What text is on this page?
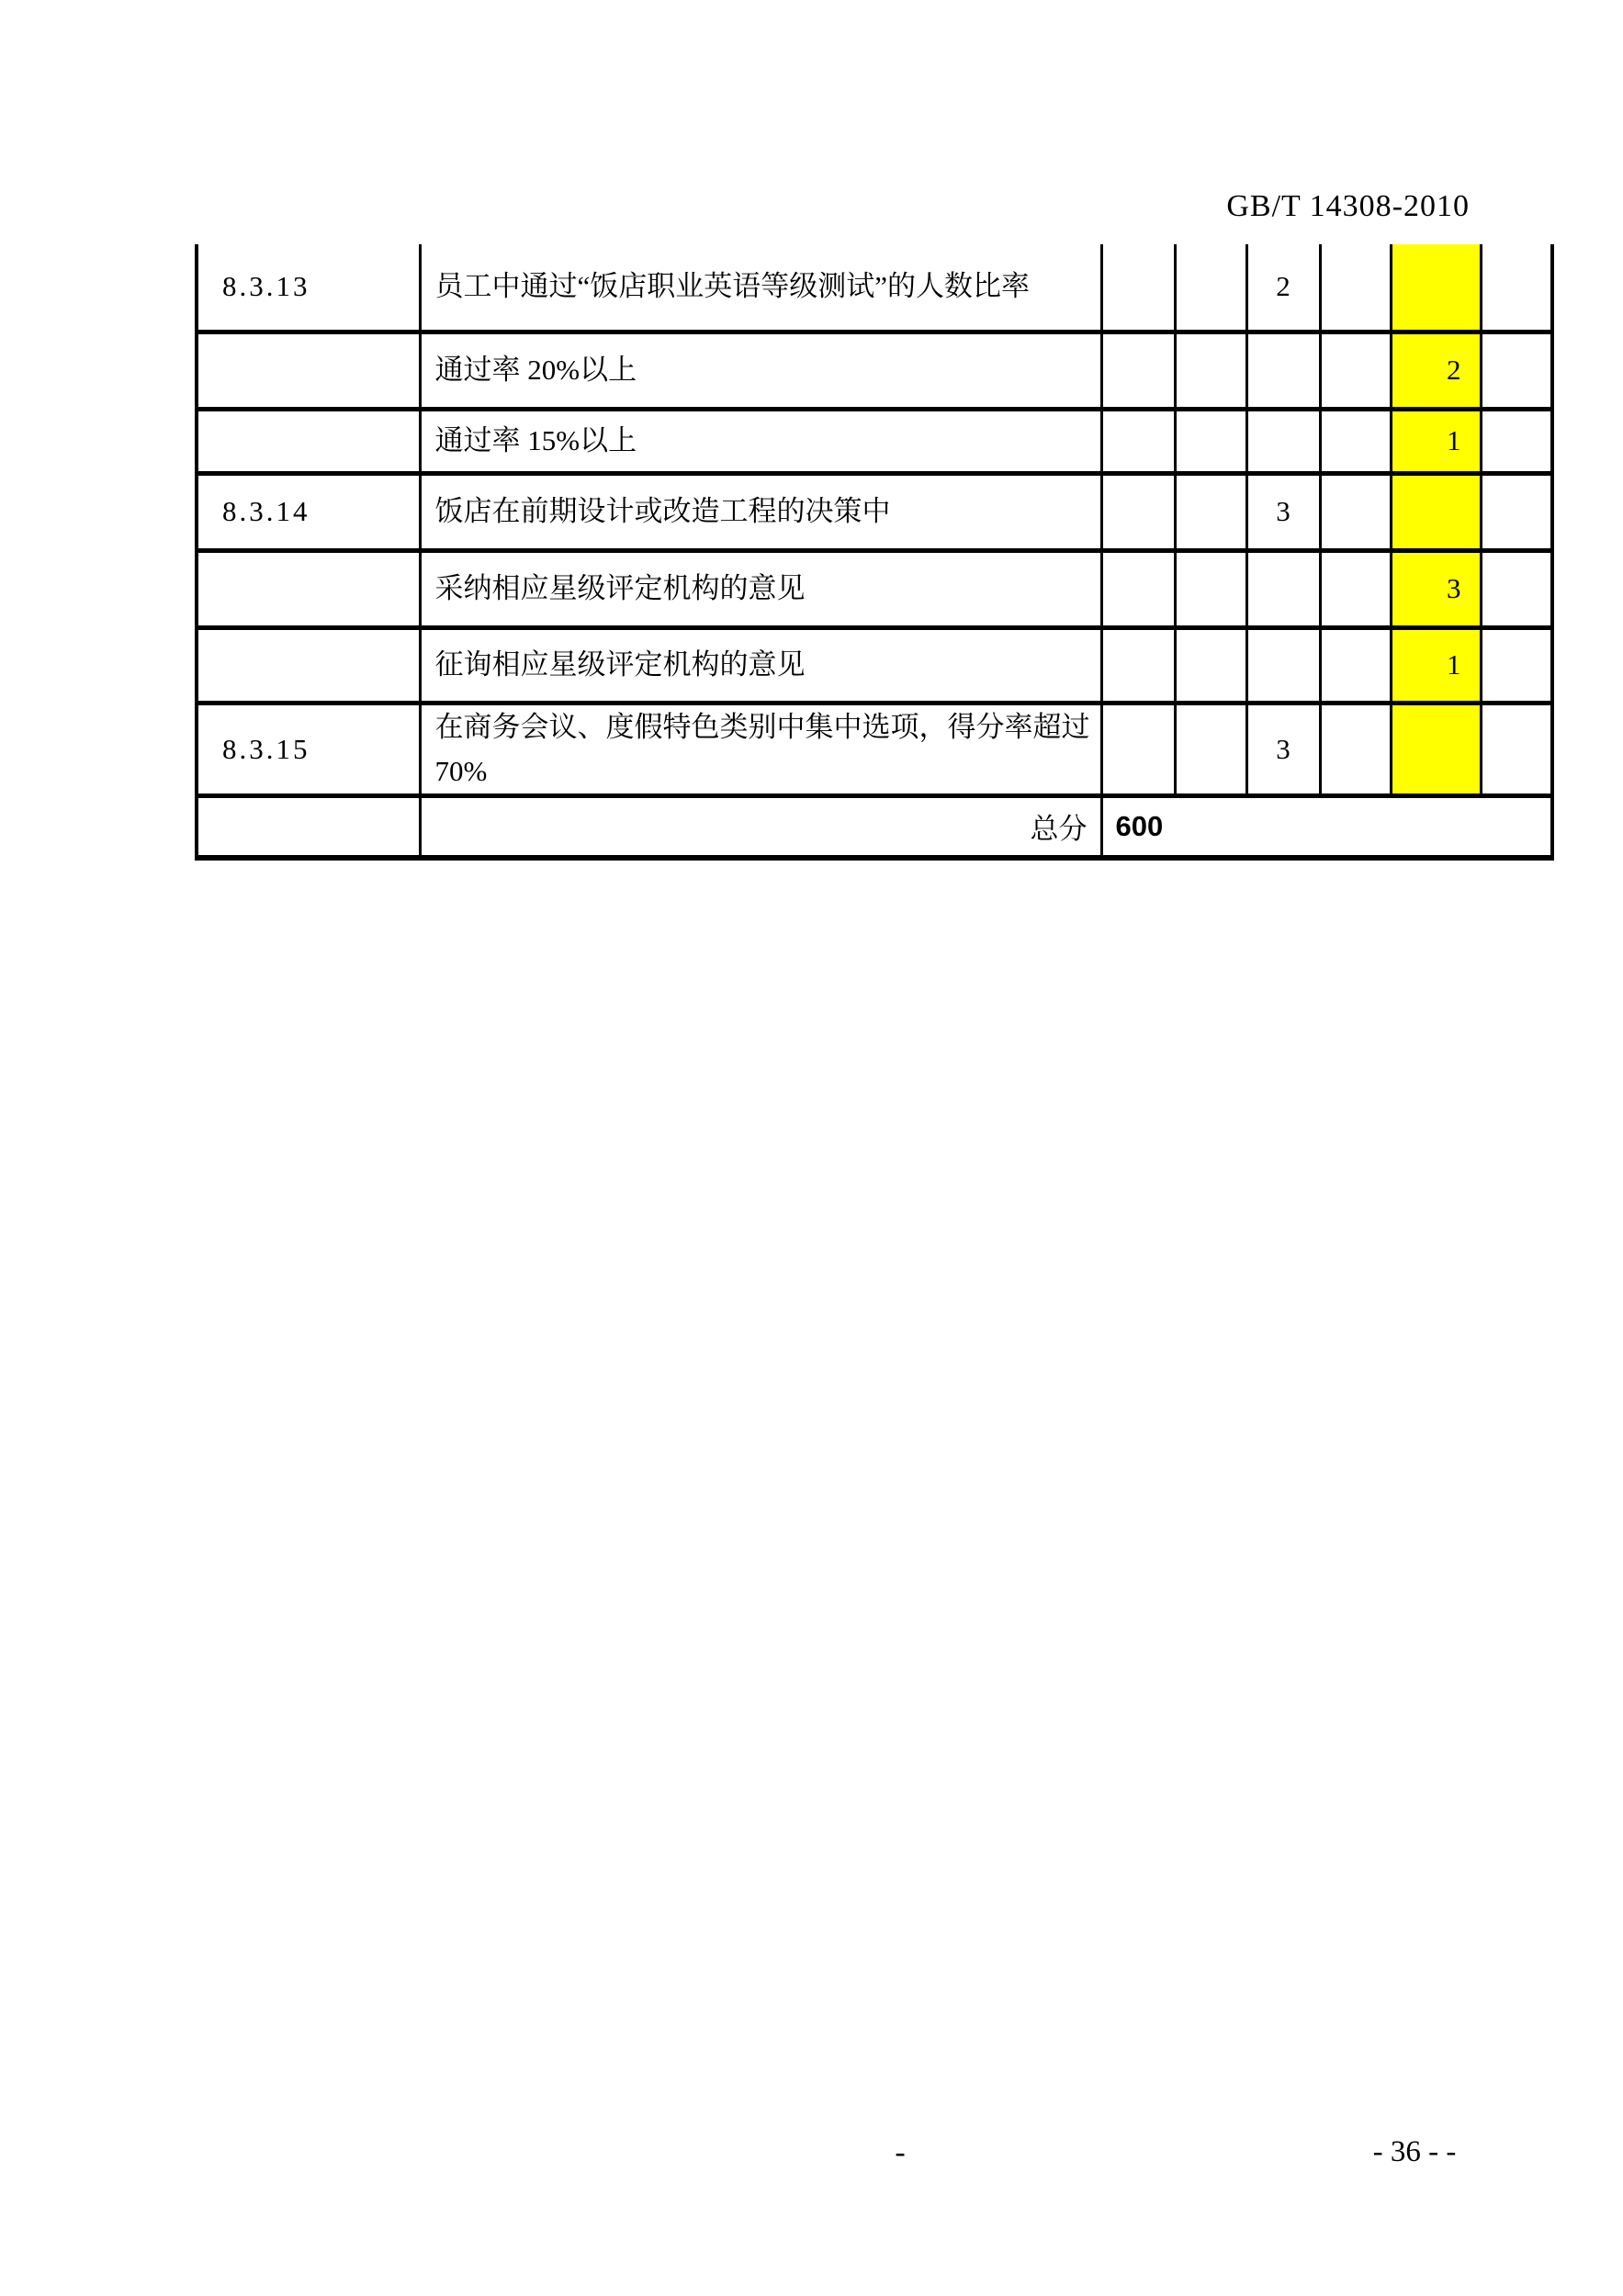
GB/T 14308-2010
8.3.13	员工中通过“饭店职业英语等级测试”的人数比率			2			
	通过率 20%以上					2	
	通过率 15%以上					1	
8.3.14	饭店在前期设计或改造工程的决策中			3			
	采纳相应星级评定机构的意见					3	
	征询相应星级评定机构的意见					1	
8.3.15	在商务会议、度假特色类别中集中选项，得分率超过70%			3			
	总分	600					
-	- 36 - -
